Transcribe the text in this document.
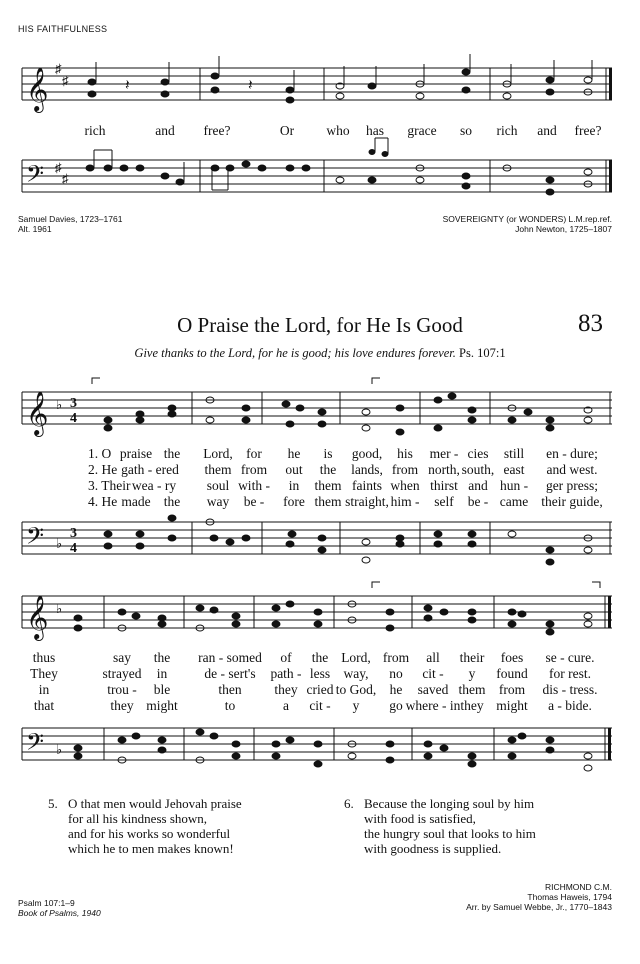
HIS FAITHFULNESS
𝄞 ♯
♯	𝄽	𝄽
rich	and free?	Or who has grace so rich and free?
𝄢 ♯
♯
Samuel Davies, 1723–1761
Alt. 1961
SOVEREIGNTY (or WONDERS) L.M.rep.ref.
John Newton, 1725–1807
O Praise the Lord, for He Is Good	83
Give thanks to the Lord, for he is good; his love endures forever. Ps. 107:1
𝄞 ♭ 3
4
1. O praise the Lord, for he is good, his mer - cies still en - dure;
2. He gath - ered them from out the lands, from north, south, east and west.
3. Their wea - ry soul with - in them faints when thirst and hun - ger press;
4. He made the way be - fore them straight, him - self be - came their guide,
𝄢 ♭
3
4
𝄞 ♭
thus	say the ran - somed of the Lord, from all their foes se - cure.
They	strayed in	de - sert's path - less way, no cit - y found for rest.
in	trou - ble	then they cried to God, he saved them from dis - tress.
that	they might	to	a cit - y go where - in they might a - bide.
𝄢 ♭
5. O that men would Jehovah praise
for all his kindness shown,
and for his works so wonderful
which he to men makes known!
6. Because the longing soul by him
with food is satisfied,
the hungry soul that looks to him
with goodness is supplied.
Psalm 107:1–9
Book of Psalms, 1940
RICHMOND C.M.
Thomas Haweis, 1794
Arr. by Samuel Webbe, Jr., 1770–1843
